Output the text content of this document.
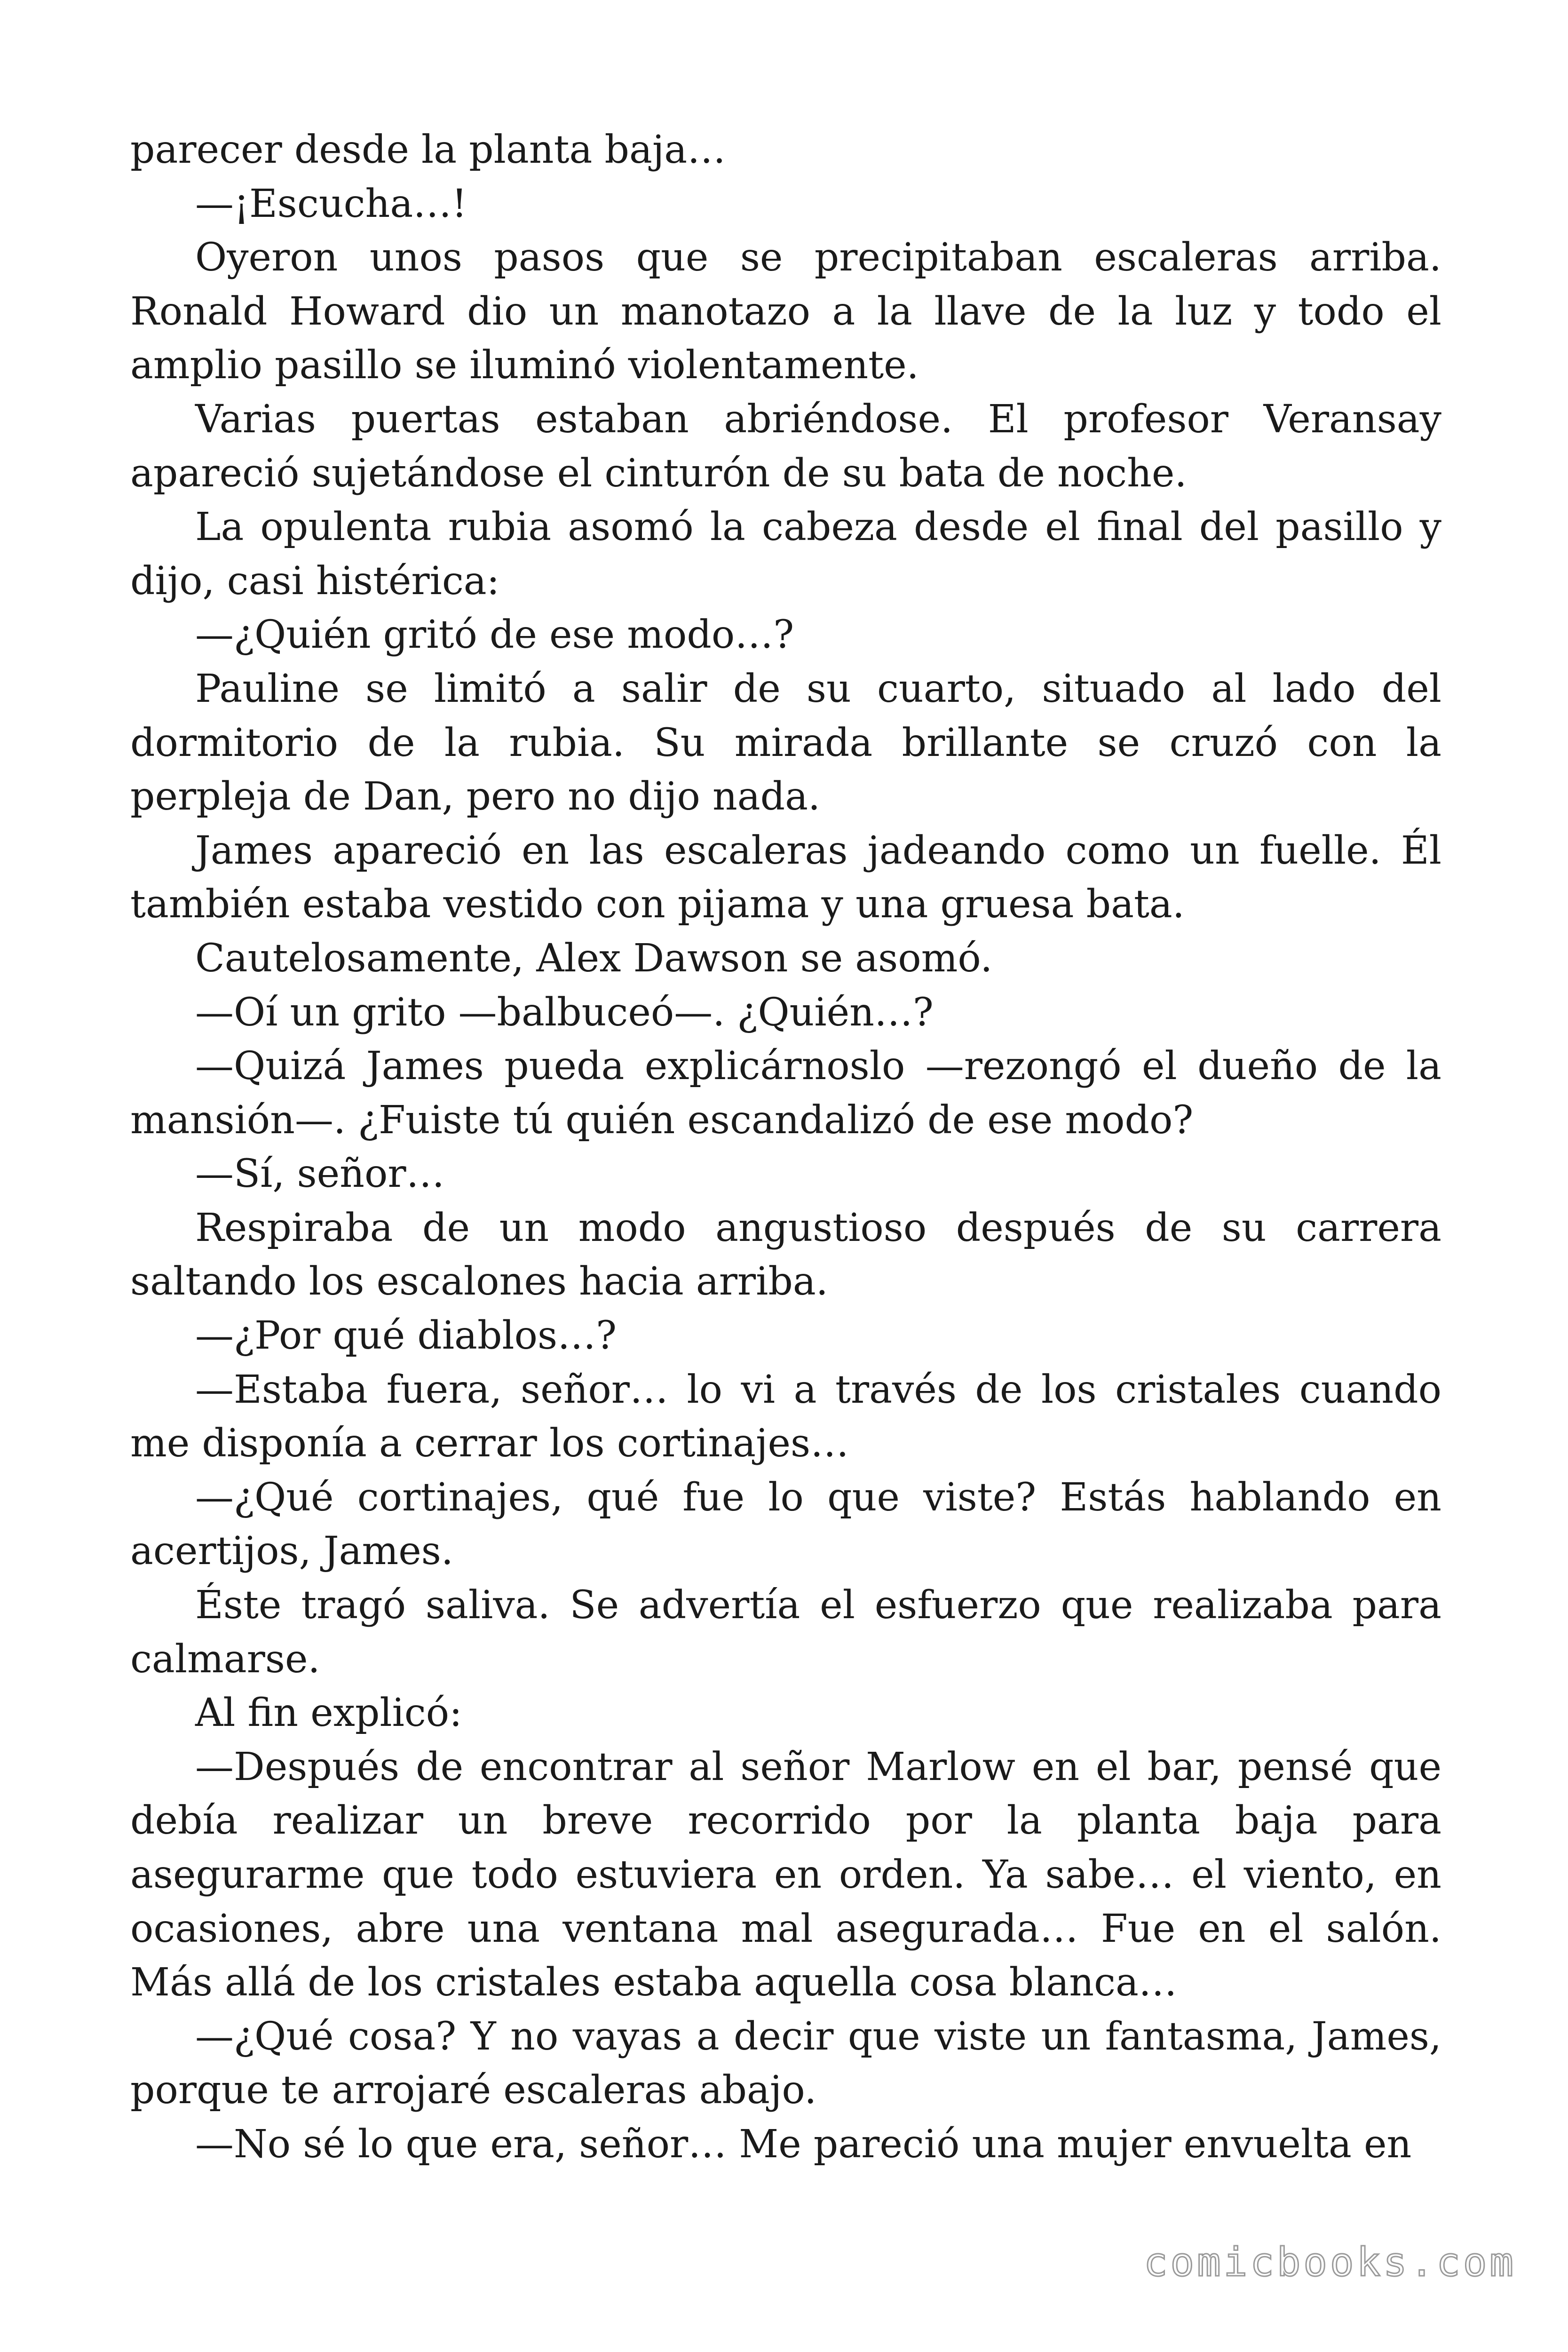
parecer desde la planta baja…

—¡Escucha…!

Oyeron unos pasos que se precipitaban escaleras arriba. Ronald Howard dio un manotazo a la llave de la luz y todo el amplio pasillo se iluminó violentamente.

Varias puertas estaban abriéndose. El profesor Veransay apareció sujetándose el cinturón de su bata de noche.

La opulenta rubia asomó la cabeza desde el final del pasillo y dijo, casi histérica:

—¿Quién gritó de ese modo…?

Pauline se limitó a salir de su cuarto, situado al lado del dormitorio de la rubia. Su mirada brillante se cruzó con la perpleja de Dan, pero no dijo nada.

James apareció en las escaleras jadeando como un fuelle. Él también estaba vestido con pijama y una gruesa bata.

Cautelosamente, Alex Dawson se asomó.

—Oí un grito —balbuceó—. ¿Quién…?

—Quizá James pueda explicárnoslo —rezongó el dueño de la mansión—. ¿Fuiste tú quién escandalizó de ese modo?

—Sí, señor…

Respiraba de un modo angustioso después de su carrera saltando los escalones hacia arriba.

—¿Por qué diablos…?

—Estaba fuera, señor… lo vi a través de los cristales cuando me disponía a cerrar los cortinajes…

—¿Qué cortinajes, qué fue lo que viste? Estás hablando en acertijos, James.

Éste tragó saliva. Se advertía el esfuerzo que realizaba para calmarse.

Al fin explicó:

—Después de encontrar al señor Marlow en el bar, pensé que debía realizar un breve recorrido por la planta baja para asegurarme que todo estuviera en orden. Ya sabe… el viento, en ocasiones, abre una ventana mal asegurada… Fue en el salón. Más allá de los cristales estaba aquella cosa blanca…

—¿Qué cosa? Y no vayas a decir que viste un fantasma, James, porque te arrojaré escaleras abajo.

—No sé lo que era, señor… Me pareció una mujer envuelta en

comicbooks.com
